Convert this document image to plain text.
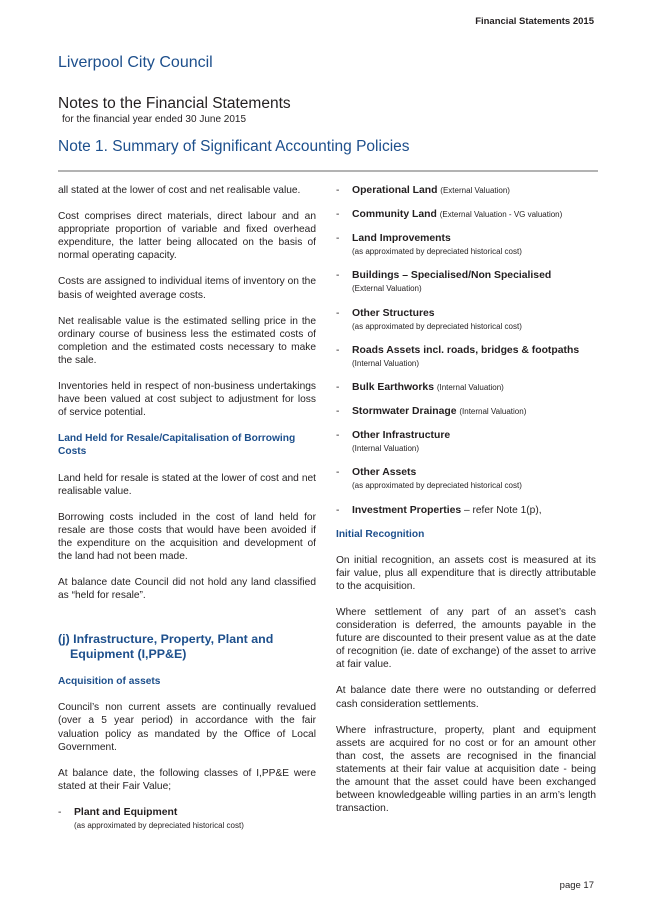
Financial Statements 2015
Liverpool City Council
Notes to the Financial Statements
for the financial year ended 30 June 2015
Note 1. Summary of Significant Accounting Policies

all stated at the lower of cost and net realisable value.

Cost comprises direct materials, direct labour and an appropriate proportion of variable and fixed overhead expenditure, the latter being allocated on the basis of normal operating capacity.

Costs are assigned to individual items of inventory on the basis of weighted average costs.

Net realisable value is the estimated selling price in the ordinary course of business less the estimated costs of completion and the estimated costs necessary to make the sale.

Inventories held in respect of non-business undertakings have been valued at cost subject to adjustment for loss of service potential.

Land Held for Resale/Capitalisation of Borrowing Costs

Land held for resale is stated at the lower of cost and net realisable value.

Borrowing costs included in the cost of land held for resale are those costs that would have been avoided if the expenditure on the acquisition and development of the land had not been made.

At balance date Council did not hold any land classified as “held for resale”.

(j) Infrastructure, Property, Plant and Equipment (I,PP&E)
Acquisition of assets

Council’s non current assets are continually revalued (over a 5 year period) in accordance with the fair valuation policy as mandated by the Office of Local Government.

At balance date, the following classes of I,PP&E were stated at their Fair Value;

- Plant and Equipment
(as approximated by depreciated historical cost)
- Operational Land (External Valuation)
- Community Land (External Valuation - VG valuation)
- Land Improvements
(as approximated by depreciated historical cost)
- Buildings – Specialised/Non Specialised
(External Valuation)
- Other Structures
(as approximated by depreciated historical cost)
- Roads Assets incl. roads, bridges & footpaths
(Internal Valuation)
- Bulk Earthworks (Internal Valuation)
- Stormwater Drainage (Internal Valuation)
- Other Infrastructure
(Internal Valuation)
- Other Assets
(as approximated by depreciated historical cost)
- Investment Properties – refer Note 1(p),
Initial Recognition

On initial recognition, an assets cost is measured at its fair value, plus all expenditure that is directly attributable to the acquisition.

Where settlement of any part of an asset’s cash consideration is deferred, the amounts payable in the future are discounted to their present value as at the date of recognition (ie. date of exchange) of the asset to arrive at fair value.

At balance date there were no outstanding or deferred cash consideration settlements.

Where infrastructure, property, plant and equipment assets are acquired for no cost or for an amount other than cost, the assets are recognised in the financial statements at their fair value at acquisition date - being the amount that the asset could have been exchanged between knowledgeable willing parties in an arm’s length transaction.

page 17
